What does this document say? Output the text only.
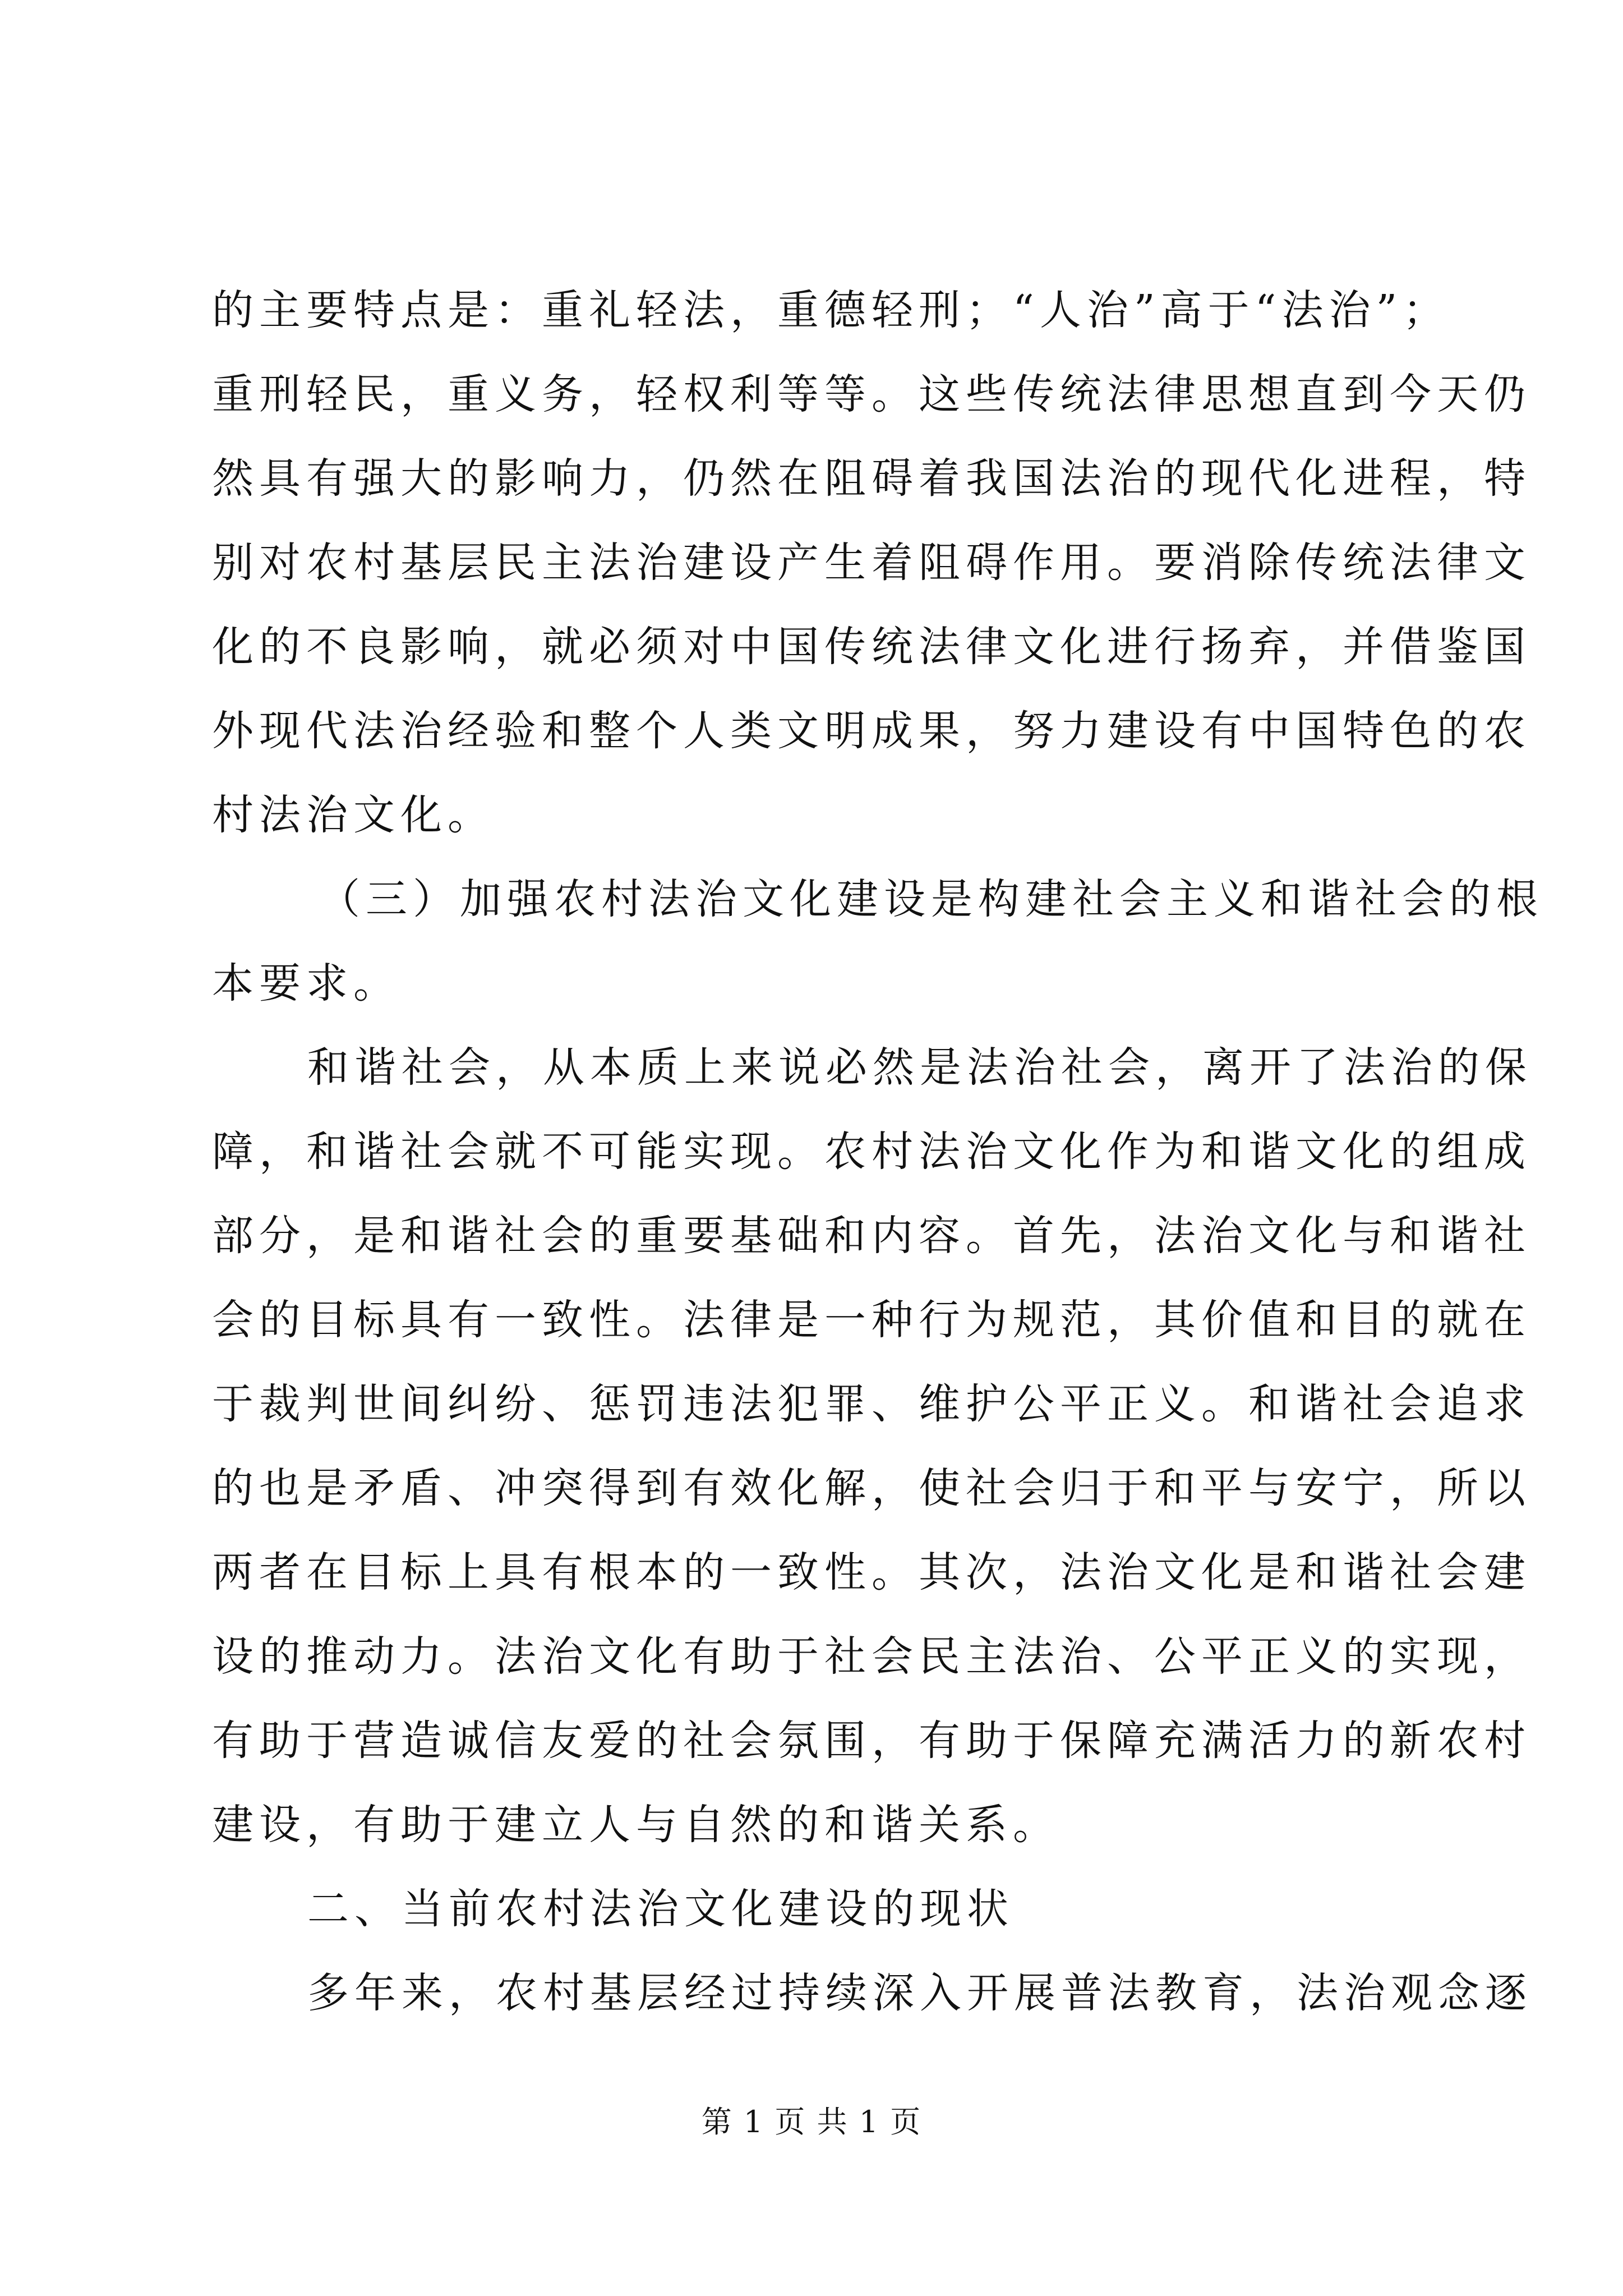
的主要特点是：重礼轻法，重德轻刑；“人治”高于“法治”；
重刑轻民，重义务，轻权利等等。这些传统法律思想直到今天仍
然具有强大的影响力，仍然在阻碍着我国法治的现代化进程，特
别对农村基层民主法治建设产生着阻碍作用。要消除传统法律文
化的不良影响，就必须对中国传统法律文化进行扬弃，并借鉴国
外现代法治经验和整个人类文明成果，努力建设有中国特色的农
村法治文化。
（三）加强农村法治文化建设是构建社会主义和谐社会的根
本要求。
和谐社会，从本质上来说必然是法治社会，离开了法治的保
障，和谐社会就不可能实现。农村法治文化作为和谐文化的组成
部分，是和谐社会的重要基础和内容。首先，法治文化与和谐社
会的目标具有一致性。法律是一种行为规范，其价值和目的就在
于裁判世间纠纷、惩罚违法犯罪、维护公平正义。和谐社会追求
的也是矛盾、冲突得到有效化解，使社会归于和平与安宁，所以
两者在目标上具有根本的一致性。其次，法治文化是和谐社会建
设的推动力。法治文化有助于社会民主法治、公平正义的实现，
有助于营造诚信友爱的社会氛围，有助于保障充满活力的新农村
建设，有助于建立人与自然的和谐关系。
二、当前农村法治文化建设的现状
多年来，农村基层经过持续深入开展普法教育，法治观念逐
第 1 页 共 1 页
